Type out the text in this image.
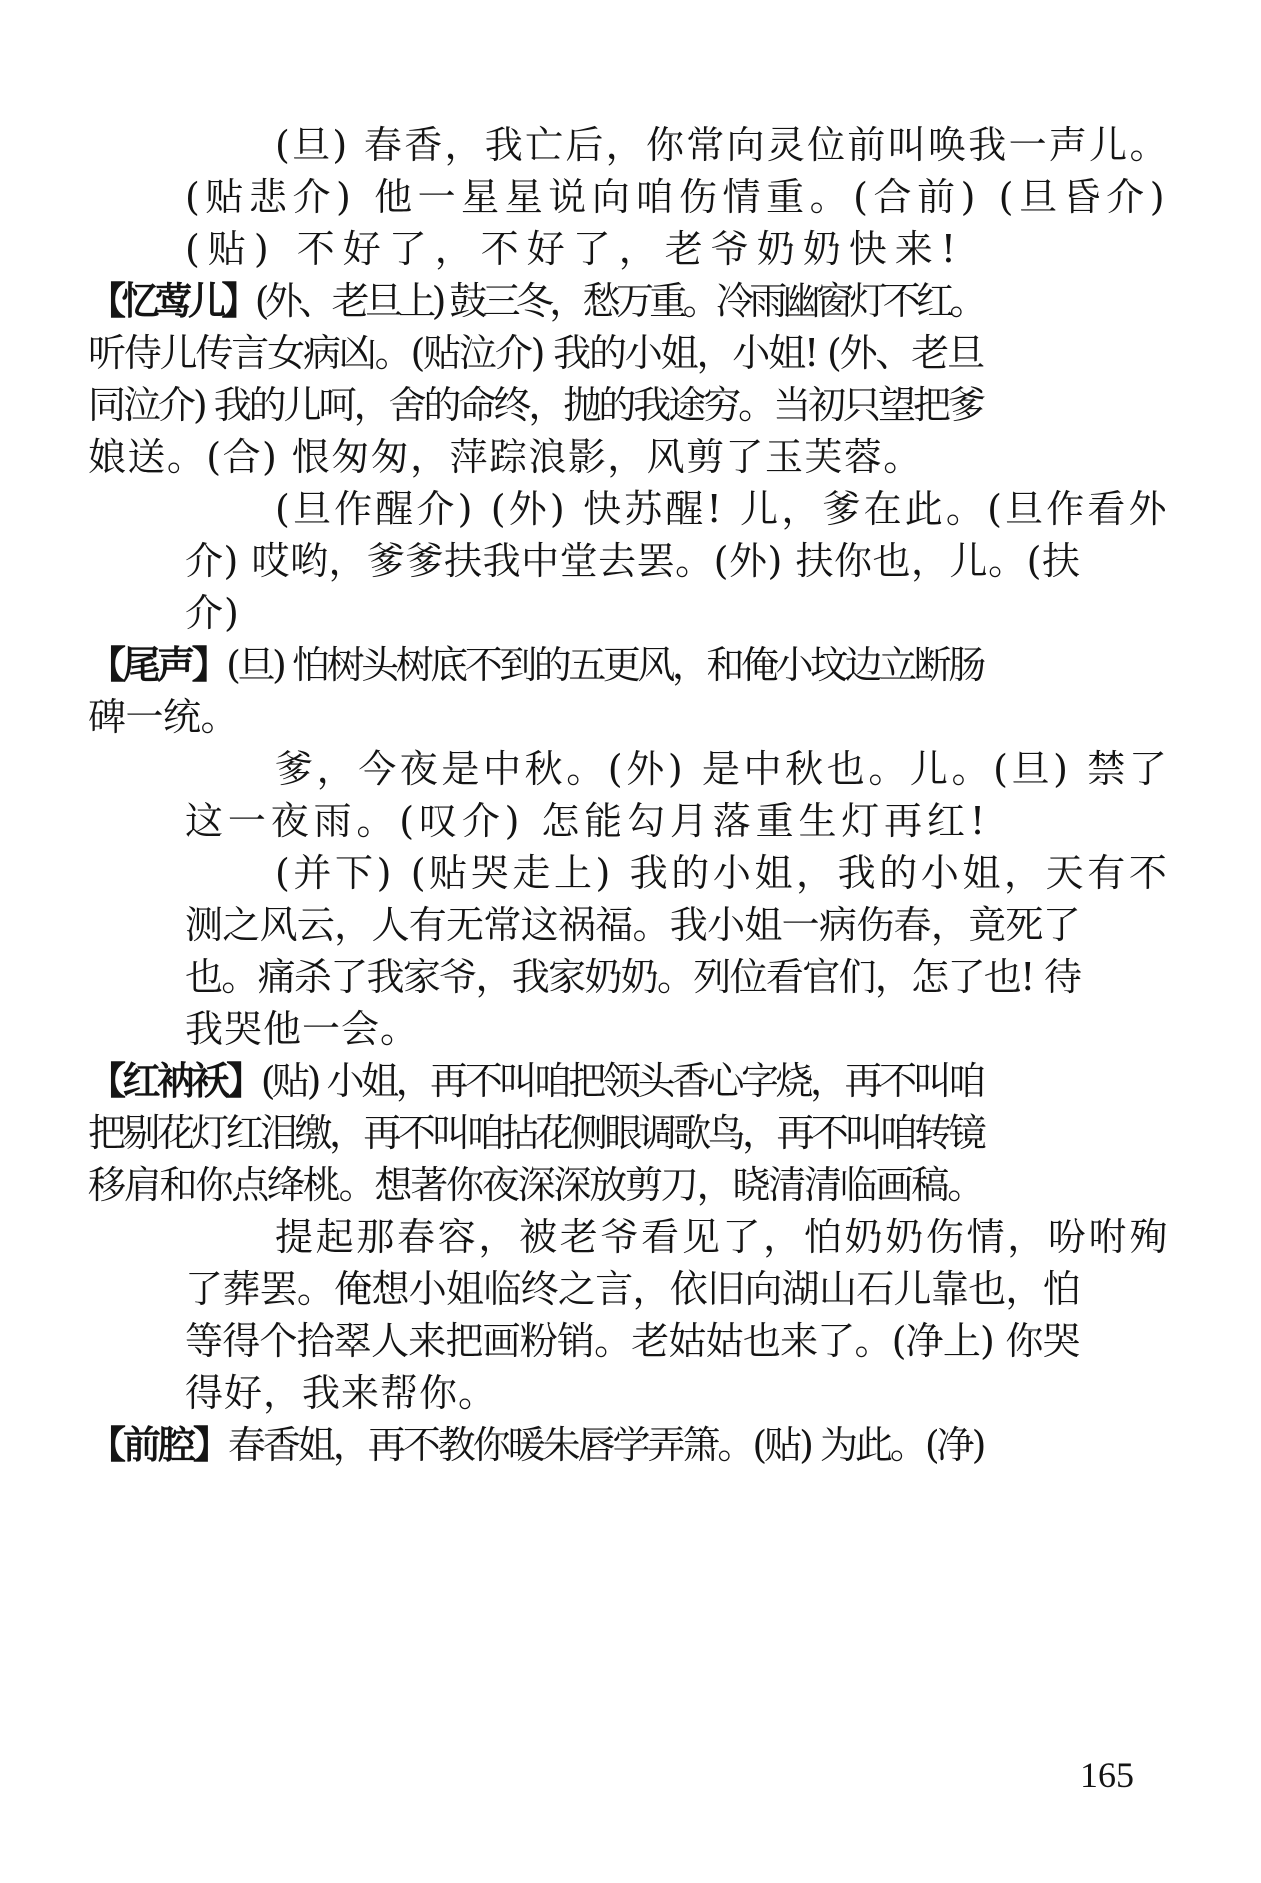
(旦) 春香，我亡后，你常向灵位前叫唤我一声儿。
(贴悲介) 他一星星说向咱伤情重。(合前) (旦昏介)
(贴) 不好了，不好了，老爷奶奶快来!
【忆莺儿】(外、老旦上) 鼓三冬，愁万重。冷雨幽窗灯不红。
听侍儿传言女病凶。(贴泣介) 我的小姐，小姐! (外、老旦
同泣介) 我的儿呵，舍的命终，抛的我途穷。当初只望把爹
娘送。(合) 恨匆匆，萍踪浪影，风剪了玉芙蓉。
(旦作醒介) (外) 快苏醒! 儿，爹在此。(旦作看外
介) 哎哟，爹爹扶我中堂去罢。(外) 扶你也，儿。(扶
介)
【尾声】(旦) 怕树头树底不到的五更风，和俺小坟边立断肠
碑一统。
爹，今夜是中秋。(外) 是中秋也。儿。(旦) 禁了
这一夜雨。(叹介) 怎能勾月落重生灯再红!
(并下) (贴哭走上) 我的小姐，我的小姐，天有不
测之风云，人有无常这祸福。我小姐一病伤春，竟死了
也。痛杀了我家爷，我家奶奶。列位看官们，怎了也! 待
我哭他一会。
【红衲袄】(贴) 小姐，再不叫咱把领头香心字烧，再不叫咱
把剔花灯红泪缴，再不叫咱拈花侧眼调歌鸟，再不叫咱转镜
移肩和你点绛桃。想著你夜深深放剪刀，晓清清临画稿。
提起那春容，被老爷看见了，怕奶奶伤情，吩咐殉
了葬罢。俺想小姐临终之言，依旧向湖山石儿靠也，怕
等得个拾翠人来把画粉销。老姑姑也来了。(净上) 你哭
得好，我来帮你。
【前腔】春香姐，再不教你暖朱唇学弄箫。(贴) 为此。(净)
165
